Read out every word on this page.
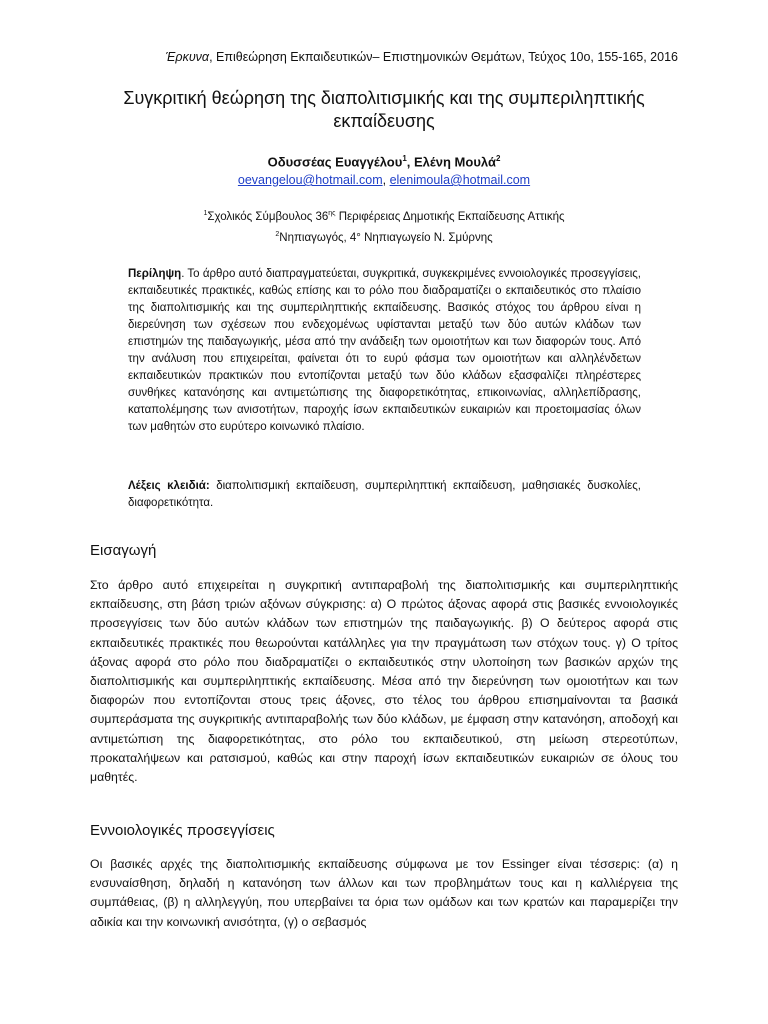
Έρκυνα, Επιθεώρηση Εκπαιδευτικών– Επιστημονικών Θεμάτων, Τεύχος 10ο, 155-165, 2016
Συγκριτική θεώρηση της διαπολιτισμικής και της συμπεριληπτικής
εκπαίδευσης
Οδυσσέας Ευαγγέλου$^1$, Ελένη Μουλά$^2$
oevangelou@hotmail.com, elenimoula@hotmail.com
$^1$Σχολικός Σύμβουλος $36^{\eta\varsigma}$ Περιφέρειας Δημοτικής Εκπαίδευσης Αττικής
$^2$Νηπιαγωγός, 4° Νηπιαγωγείο Ν. Σμύρνης
Περίληψη. Το άρθρο αυτό διαπραγματεύεται, συγκριτικά, συγκεκριμένες εννοιολογικές προσεγγίσεις, εκπαιδευτικές πρακτικές, καθώς επίσης και το ρόλο που διαδραματίζει ο εκπαιδευτικός στο πλαίσιο της διαπολιτισμικής και της συμπεριληπτικής εκπαίδευσης. Βασικός στόχος του άρθρου είναι η διερεύνηση των σχέσεων που ενδεχομένως υφίστανται μεταξύ των δύο αυτών κλάδων των επιστημών της παιδαγωγικής, μέσα από την ανάδειξη των ομοιοτήτων και των διαφορών τους. Από την ανάλυση που επιχειρείται, φαίνεται ότι το ευρύ φάσμα των ομοιοτήτων και αλληλένδετων εκπαιδευτικών πρακτικών που εντοπίζονται μεταξύ των δύο κλάδων εξασφαλίζει πληρέστερες συνθήκες κατανόησης και αντιμετώπισης της διαφορετικότητας, επικοινωνίας, αλληλεπίδρασης, καταπολέμησης των ανισοτήτων, παροχής ίσων εκπαιδευτικών ευκαιριών και προετοιμασίας όλων των μαθητών στο ευρύτερο κοινωνικό πλαίσιο.
Λέξεις κλειδιά: διαπολιτισμική εκπαίδευση, συμπεριληπτική εκπαίδευση, μαθησιακές δυσκολίες, διαφορετικότητα.
Εισαγωγή
Στο άρθρο αυτό επιχειρείται η συγκριτική αντιπαραβολή της διαπολιτισμικής και συμπεριληπτικής εκπαίδευσης, στη βάση τριών αξόνων σύγκρισης: α) Ο πρώτος άξονας αφορά στις βασικές εννοιολογικές προσεγγίσεις των δύο αυτών κλάδων των επιστημών της παιδαγωγικής. β) Ο δεύτερος αφορά στις εκπαιδευτικές πρακτικές που θεωρούνται κατάλληλες για την πραγμάτωση των στόχων τους. γ) Ο τρίτος άξονας αφορά στο ρόλο που διαδραματίζει ο εκπαιδευτικός στην υλοποίηση των βασικών αρχών της διαπολιτισμικής και συμπεριληπτικής εκπαίδευσης. Μέσα από την διερεύνηση των ομοιοτήτων και των διαφορών που εντοπίζονται στους τρεις άξονες, στο τέλος του άρθρου επισημαίνονται τα βασικά συμπεράσματα της συγκριτικής αντιπαραβολής των δύο κλάδων, με έμφαση στην κατανόηση, αποδοχή και αντιμετώπιση της διαφορετικότητας, στο ρόλο του εκπαιδευτικού, στη μείωση στερεοτύπων, προκαταλήψεων και ρατσισμού, καθώς και στην παροχή ίσων εκπαιδευτικών ευκαιριών σε όλους του μαθητές.
Εννοιολογικές προσεγγίσεις
Οι βασικές αρχές της διαπολιτισμικής εκπαίδευσης σύμφωνα με τον Essinger είναι τέσσερις: (α) η ενσυναίσθηση, δηλαδή η κατανόηση των άλλων και των προβλημάτων τους και η καλλιέργεια της συμπάθειας, (β) η αλληλεγγύη, που υπερβαίνει τα όρια των ομάδων και των κρατών και παραμερίζει την αδικία και την κοινωνική ανισότητα, (γ) ο σεβασμός
